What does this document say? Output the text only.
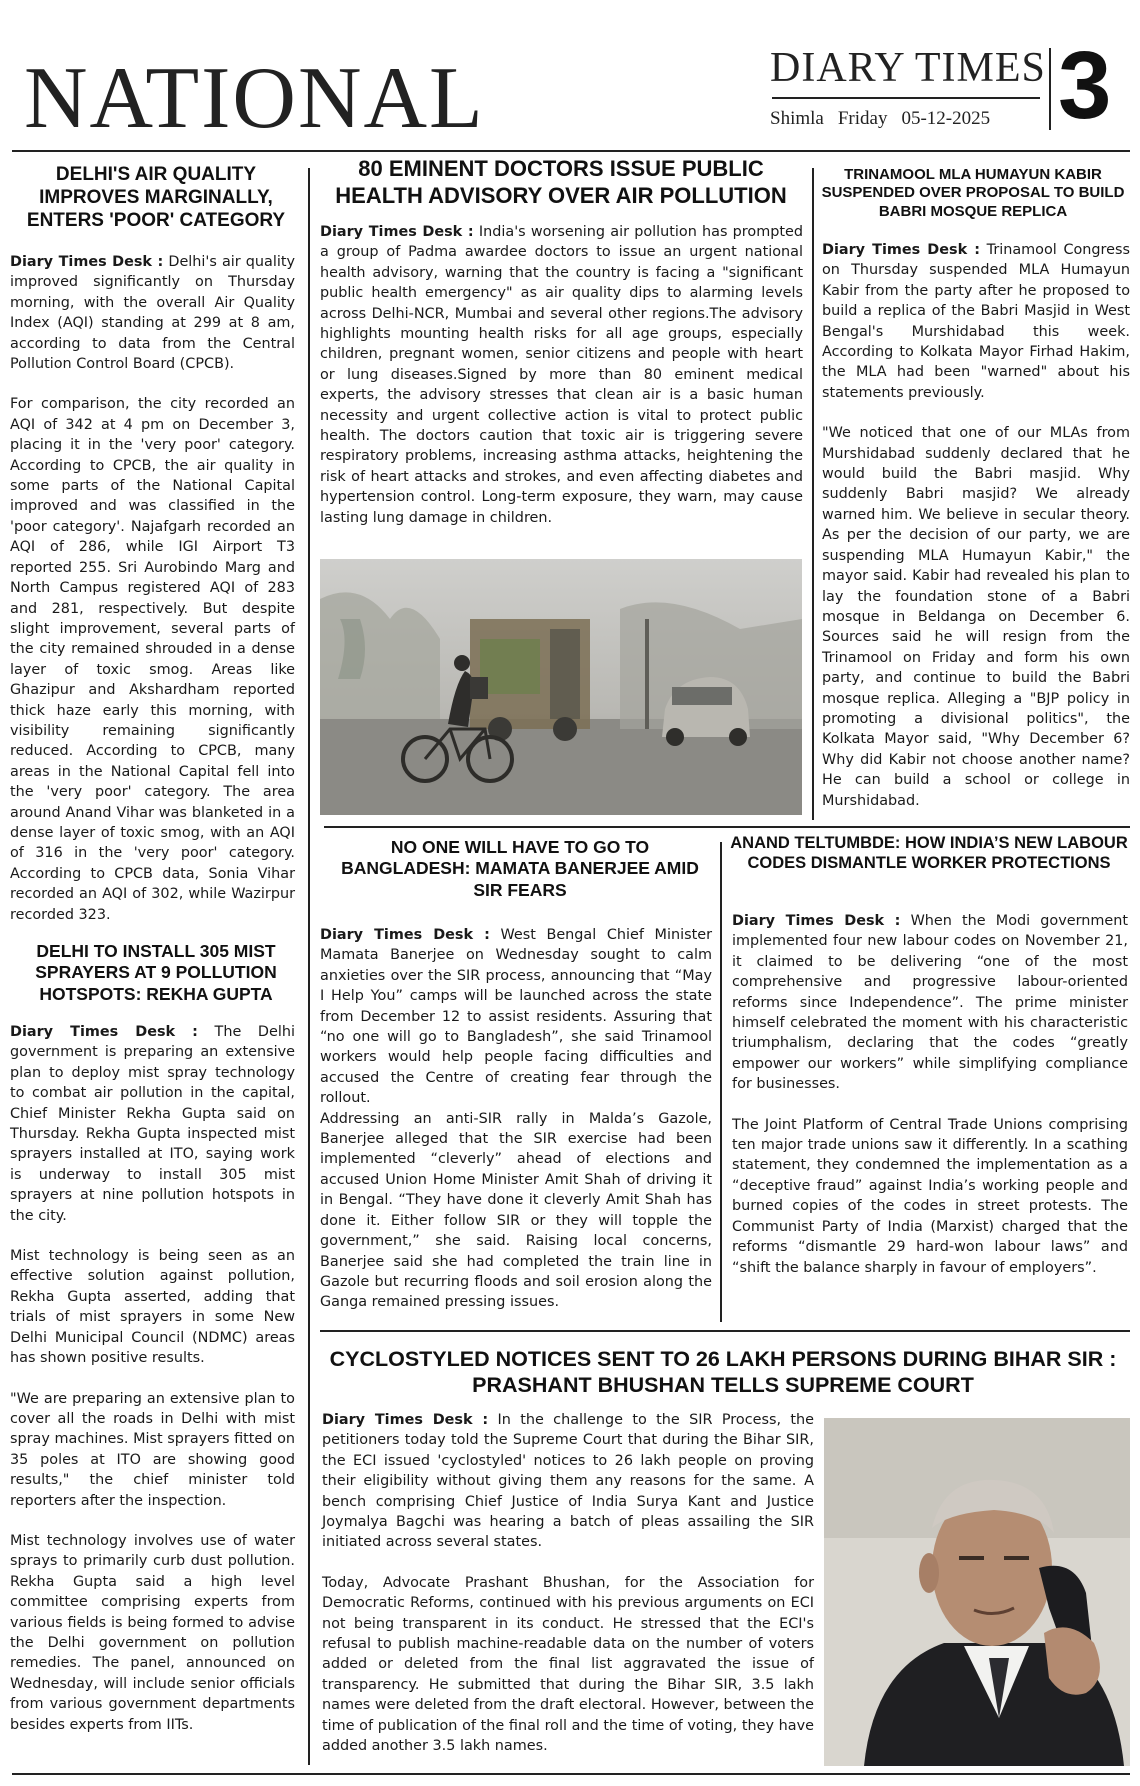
NATIONAL	DIARY TIMES
Shimla Friday 05-12-2025 3
DELHI'S AIR QUALITY IMPROVES MARGINALLY, ENTERS 'POOR' CATEGORY

Diary Times Desk : Delhi's air quality improved significantly on Thursday morning, with the overall Air Quality Index (AQI) standing at 299 at 8 am, according to data from the Central Pollution Control Board (CPCB).

For comparison, the city recorded an AQI of 342 at 4 pm on December 3, placing it in the 'very poor' category. According to CPCB, the air quality in some parts of the National Capital improved and was classified in the 'poor category'. Najafgarh recorded an AQI of 286, while IGI Airport T3 reported 255. Sri Aurobindo Marg and North Campus registered AQI of 283 and 281, respectively. But despite slight improvement, several parts of the city remained shrouded in a dense layer of toxic smog. Areas like Ghazipur and Akshardham reported thick haze early this morning, with visibility remaining significantly reduced. According to CPCB, many areas in the National Capital fell into the 'very poor' category. The area around Anand Vihar was blanketed in a dense layer of toxic smog, with an AQI of 316 in the 'very poor' category. According to CPCB data, Sonia Vihar recorded an AQI of 302, while Wazirpur recorded 323.

DELHI TO INSTALL 305 MIST SPRAYERS AT 9 POLLUTION HOTSPOTS: REKHA GUPTA

Diary Times Desk : The Delhi government is preparing an extensive plan to deploy mist spray technology to combat air pollution in the capital, Chief Minister Rekha Gupta said on Thursday. Rekha Gupta inspected mist sprayers installed at ITO, saying work is underway to install 305 mist sprayers at nine pollution hotspots in the city.

Mist technology is being seen as an effective solution against pollution, Rekha Gupta asserted, adding that trials of mist sprayers in some New Delhi Municipal Council (NDMC) areas has shown positive results.

"We are preparing an extensive plan to cover all the roads in Delhi with mist spray machines. Mist sprayers fitted on 35 poles at ITO are showing good results," the chief minister told reporters after the inspection.

Mist technology involves use of water sprays to primarily curb dust pollution. Rekha Gupta said a high level committee comprising experts from various fields is being formed to advise the Delhi government on pollution remedies. The panel, announced on Wednesday, will include senior officials from various government departments besides experts from IITs.

80 EMINENT DOCTORS ISSUE PUBLIC HEALTH ADVISORY OVER AIR POLLUTION

Diary Times Desk : India's worsening air pollution has prompted a group of Padma awardee doctors to issue an urgent national health advisory, warning that the country is facing a "significant public health emergency" as air quality dips to alarming levels across Delhi-NCR, Mumbai and several other regions.The advisory highlights mounting health risks for all age groups, especially children, pregnant women, senior citizens and people with heart or lung diseases.Signed by more than 80 eminent medical experts, the advisory stresses that clean air is a basic human necessity and urgent collective action is vital to protect public health. The doctors caution that toxic air is triggering severe respiratory problems, increasing asthma attacks, heightening the risk of heart attacks and strokes, and even affecting diabetes and hypertension control. Long-term exposure, they warn, may cause lasting lung damage in children.

TRINAMOOL MLA HUMAYUN KABIR SUSPENDED OVER PROPOSAL TO BUILD BABRI MOSQUE REPLICA

Diary Times Desk : Trinamool Congress on Thursday suspended MLA Humayun Kabir from the party after he proposed to build a replica of the Babri Masjid in West Bengal's Murshidabad this week. According to Kolkata Mayor Firhad Hakim, the MLA had been "warned" about his statements previously.

"We noticed that one of our MLAs from Murshidabad suddenly declared that he would build the Babri masjid. Why suddenly Babri masjid? We already warned him. We believe in secular theory. As per the decision of our party, we are suspending MLA Humayun Kabir," the mayor said. Kabir had revealed his plan to lay the foundation stone of a Babri mosque in Beldanga on December 6. Sources said he will resign from the Trinamool on Friday and form his own party, and continue to build the Babri mosque replica. Alleging a "BJP policy in promoting a divisional politics", the Kolkata Mayor said, "Why December 6? Why did Kabir not choose another name? He can build a school or college in Murshidabad.

NO ONE WILL HAVE TO GO TO BANGLADESH: MAMATA BANERJEE AMID SIR FEARS

Diary Times Desk : West Bengal Chief Minister Mamata Banerjee on Wednesday sought to calm anxieties over the SIR process, announcing that “May I Help You” camps will be launched across the state from December 12 to assist residents. Assuring that “no one will go to Bangladesh”, she said Trinamool workers would help people facing difficulties and accused the Centre of creating fear through the rollout.

Addressing an anti-SIR rally in Malda’s Gazole, Banerjee alleged that the SIR exercise had been implemented “cleverly” ahead of elections and accused Union Home Minister Amit Shah of driving it in Bengal. “They have done it cleverly Amit Shah has done it. Either follow SIR or they will topple the government,” she said. Raising local concerns, Banerjee said she had completed the train line in Gazole but recurring floods and soil erosion along the Ganga remained pressing issues.

ANAND TELTUMBDE: HOW INDIA’S NEW LABOUR CODES DISMANTLE WORKER PROTECTIONS

Diary Times Desk : When the Modi government implemented four new labour codes on November 21, it claimed to be delivering “one of the most comprehensive and progressive labour-oriented reforms since Independence”. The prime minister himself celebrated the moment with his characteristic triumphalism, declaring that the codes “greatly empower our workers” while simplifying compliance for businesses.

The Joint Platform of Central Trade Unions comprising ten major trade unions saw it differently. In a scathing statement, they condemned the implementation as a “deceptive fraud” against India’s working people and burned copies of the codes in street protests. The Communist Party of India (Marxist) charged that the reforms “dismantle 29 hard-won labour laws” and “shift the balance sharply in favour of employers”.

CYCLOSTYLED NOTICES SENT TO 26 LAKH PERSONS DURING BIHAR SIR : PRASHANT BHUSHAN TELLS SUPREME COURT

Diary Times Desk : In the challenge to the SIR Process, the petitioners today told the Supreme Court that during the Bihar SIR, the ECI issued 'cyclostyled' notices to 26 lakh people on proving their eligibility without giving them any reasons for the same. A bench comprising Chief Justice of India Surya Kant and Justice Joymalya Bagchi was hearing a batch of pleas assailing the SIR initiated across several states.

Today, Advocate Prashant Bhushan, for the Association for Democratic Reforms, continued with his previous arguments on ECI not being transparent in its conduct. He stressed that the ECI's refusal to publish machine-readable data on the number of voters added or deleted from the final list aggravated the issue of transparency. He submitted that during the Bihar SIR, 3.5 lakh names were deleted from the draft electoral. However, between the time of publication of the final roll and the time of voting, they have added another 3.5 lakh names.
